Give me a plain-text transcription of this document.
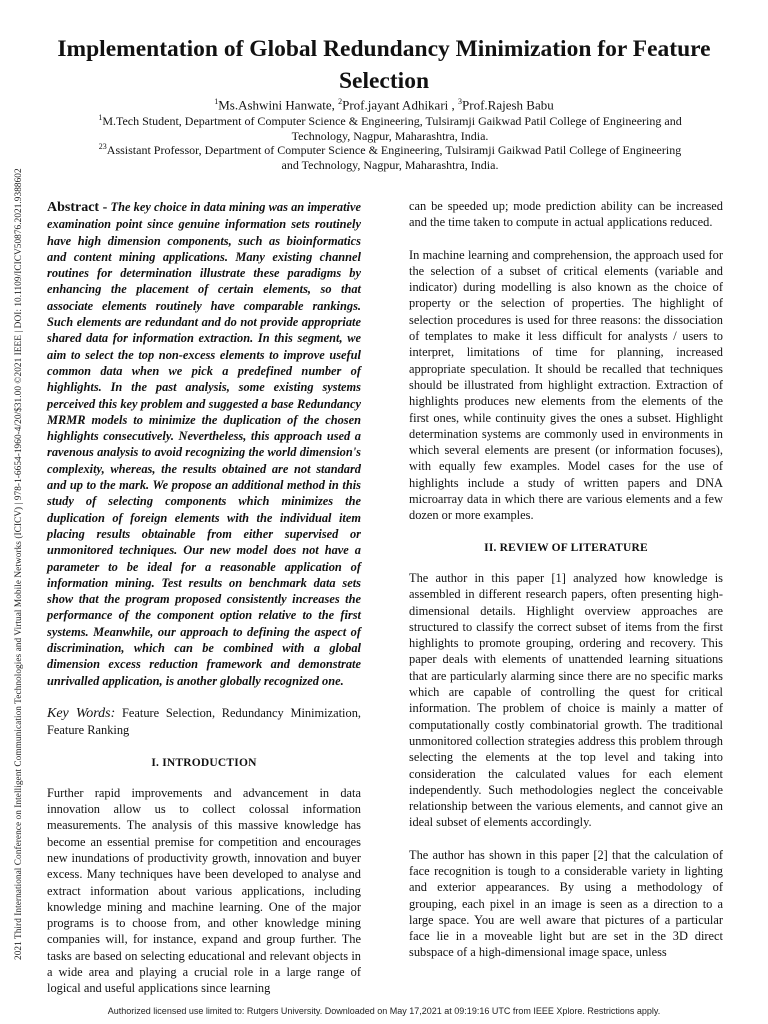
2021 Third International Conference on Intelligent Communication Technologies and Virtual Mobile Networks (ICICV) | 978-1-6654-1960-4/20/$31.00 ©2021 IEEE | DOI: 10.1109/ICICV50876.2021.9388602
Implementation of Global Redundancy Minimization for Feature Selection
$^1$Ms.Ashwini Hanwate, $^2$Prof.jayant Adhikari , $^3$Prof.Rajesh Babu
$^1$M.Tech Student, Department of Computer Science & Engineering, Tulsiramji Gaikwad Patil College of Engineering and Technology, Nagpur, Maharashtra, India.
$^{23}$Assistant Professor, Department of Computer Science & Engineering, Tulsiramji Gaikwad Patil College of Engineering and Technology, Nagpur, Maharashtra, India.

Abstract - The key choice in data mining was an imperative examination point since genuine information sets routinely have high dimension components, such as bioinformatics and content mining applications. Many existing channel routines for determination illustrate these paradigms by enhancing the placement of certain elements, so that associate elements routinely have comparable rankings. Such elements are redundant and do not provide appropriate shared data for information extraction. In this segment, we aim to select the top non-excess elements to improve useful common data when we pick a predefined number of highlights. In the past analysis, some existing systems perceived this key problem and suggested a base Redundancy MRMR models to minimize the duplication of the chosen highlights consecutively. Nevertheless, this approach used a ravenous analysis to avoid recognizing the world dimension's complexity, whereas, the results obtained are not standard and up to the mark. We propose an additional method in this study of selecting components which minimizes the duplication of foreign elements with the individual item placing results obtainable from either supervised or unmonitored techniques. Our new model does not have a parameter to be ideal for a reasonable application of information mining. Test results on benchmark data sets show that the program proposed consistently increases the performance of the component option relative to the first systems. Meanwhile, our approach to defining the aspect of discrimination, which can be combined with a global dimension excess reduction framework and demonstrate unrivalled application, is another globally recognized one.

Key Words: Feature Selection, Redundancy Minimization, Feature Ranking

I. INTRODUCTION

Further rapid improvements and advancement in data innovation allow us to collect colossal information measurements. The analysis of this massive knowledge has become an essential premise for competition and encourages new inundations of productivity growth, innovation and buyer excess. Many techniques have been developed to analyse and extract information about various applications, including knowledge mining and machine learning. One of the major programs is to choose from, and other knowledge mining companies will, for instance, expand and group further. The tasks are based on selecting educational and relevant objects in a wide area and playing a crucial role in a large range of logical and useful applications since learning

can be speeded up; mode prediction ability can be increased and the time taken to compute in actual applications reduced.

In machine learning and comprehension, the approach used for the selection of a subset of critical elements (variable and indicator) during modelling is also known as the choice of property or the selection of properties. The highlight of selection procedures is used for three reasons: the dissociation of templates to make it less difficult for analysts / users to interpret, limitations of time for planning, increased appropriate speculation. It should be recalled that techniques should be illustrated from highlight extraction. Extraction of highlights produces new elements from the elements of the first ones, while continuity gives the ones a subset. Highlight determination systems are commonly used in environments in which several elements are present (or information focuses), with equally few examples. Model cases for the use of highlights include a study of written papers and DNA microarray data in which there are various elements and a few dozen or more examples.

II. REVIEW OF LITERATURE

The author in this paper [1] analyzed how knowledge is assembled in different research papers, often presenting high-dimensional details. Highlight overview approaches are structured to classify the correct subset of items from the first highlights to promote grouping, ordering and recovery. This paper deals with elements of unattended learning situations that are particularly alarming since there are no specific marks which are capable of controlling the quest for critical information. The problem of choice is mainly a matter of computationally costly combinatorial growth. The traditional unmonitored collection strategies address this problem through selecting the elements at the top level and taking into consideration the calculated values for each element independently. Such methodologies neglect the conceivable relationship between the various elements, and cannot give an ideal subset of elements accordingly.

The author has shown in this paper [2] that the calculation of face recognition is tough to a considerable variety in lighting and exterior appearances. By using a methodology of grouping, each pixel in an image is seen as a direction to a large space. You are well aware that pictures of a particular face lie in a moveable light but are set in the 3D direct subspace of a high-dimensional image space, unless

Authorized licensed use limited to: Rutgers University. Downloaded on May 17,2021 at 09:19:16 UTC from IEEE Xplore. Restrictions apply.
